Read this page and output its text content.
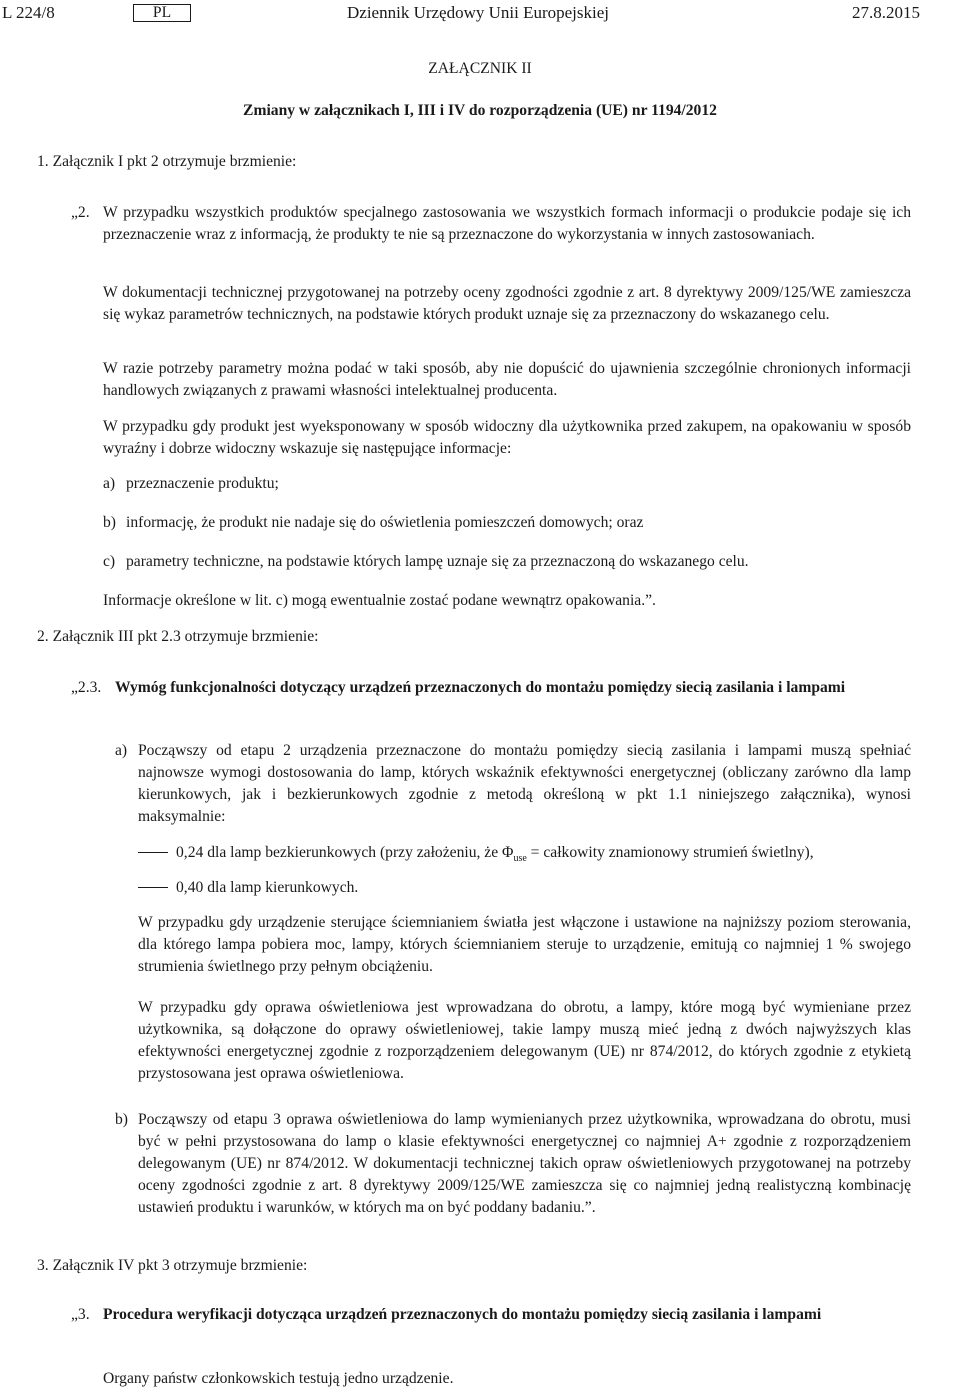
L 224/8	PL	Dziennik Urzędowy Unii Europejskiej	27.8.2015
ZAŁĄCZNIK II
Zmiany w załącznikach I, III i IV do rozporządzenia (UE) nr 1194/2012
1. Załącznik I pkt 2 otrzymuje brzmienie:
„2. W przypadku wszystkich produktów specjalnego zastosowania we wszystkich formach informacji o produkcie podaje się ich przeznaczenie wraz z informacją, że produkty te nie są przeznaczone do wykorzystania w innych zastosowaniach.
W dokumentacji technicznej przygotowanej na potrzeby oceny zgodności zgodnie z art. 8 dyrektywy 2009/125/WE zamieszcza się wykaz parametrów technicznych, na podstawie których produkt uznaje się za przeznaczony do wskazanego celu.
W razie potrzeby parametry można podać w taki sposób, aby nie dopuścić do ujawnienia szczególnie chronionych informacji handlowych związanych z prawami własności intelektualnej producenta.
W przypadku gdy produkt jest wyeksponowany w sposób widoczny dla użytkownika przed zakupem, na opakowaniu w sposób wyraźny i dobrze widoczny wskazuje się następujące informacje:
a) przeznaczenie produktu;
b) informację, że produkt nie nadaje się do oświetlenia pomieszczeń domowych; oraz
c) parametry techniczne, na podstawie których lampę uznaje się za przeznaczoną do wskazanego celu.
Informacje określone w lit. c) mogą ewentualnie zostać podane wewnątrz opakowania.”.
2. Załącznik III pkt 2.3 otrzymuje brzmienie:
„2.3. Wymóg funkcjonalności dotyczący urządzeń przeznaczonych do montażu pomiędzy siecią zasilania i lampami
a) Począwszy od etapu 2 urządzenia przeznaczone do montażu pomiędzy siecią zasilania i lampami muszą spełniać najnowsze wymogi dostosowania do lamp, których wskaźnik efektywności energetycznej (obliczany zarówno dla lamp kierunkowych, jak i bezkierunkowych zgodnie z metodą określoną w pkt 1.1 niniejszego załącznika), wynosi maksymalnie:
0,24 dla lamp bezkierunkowych (przy założeniu, że $\Phi_{use}$ = całkowity znamionowy strumień świetlny),
0,40 dla lamp kierunkowych.
W przypadku gdy urządzenie sterujące ściemnianiem światła jest włączone i ustawione na najniższy poziom sterowania, dla którego lampa pobiera moc, lampy, których ściemnianiem steruje to urządzenie, emitują co najmniej 1 % swojego strumienia świetlnego przy pełnym obciążeniu.
W przypadku gdy oprawa oświetleniowa jest wprowadzana do obrotu, a lampy, które mogą być wymieniane przez użytkownika, są dołączone do oprawy oświetleniowej, takie lampy muszą mieć jedną z dwóch najwyższych klas efektywności energetycznej zgodnie z rozporządzeniem delegowanym (UE) nr 874/2012, do których zgodnie z etykietą przystosowana jest oprawa oświetleniowa.
b) Począwszy od etapu 3 oprawa oświetleniowa do lamp wymienianych przez użytkownika, wprowadzana do obrotu, musi być w pełni przystosowana do lamp o klasie efektywności energetycznej co najmniej A+ zgodnie z rozporządzeniem delegowanym (UE) nr 874/2012. W dokumentacji technicznej takich opraw oświetleniowych przygotowanej na potrzeby oceny zgodności zgodnie z art. 8 dyrektywy 2009/125/WE zamieszcza się co najmniej jedną realistyczną kombinację ustawień produktu i warunków, w których ma on być poddany badaniu.”.
3. Załącznik IV pkt 3 otrzymuje brzmienie:
„3. Procedura weryfikacji dotycząca urządzeń przeznaczonych do montażu pomiędzy siecią zasilania i lampami
Organy państw członkowskich testują jedno urządzenie.
